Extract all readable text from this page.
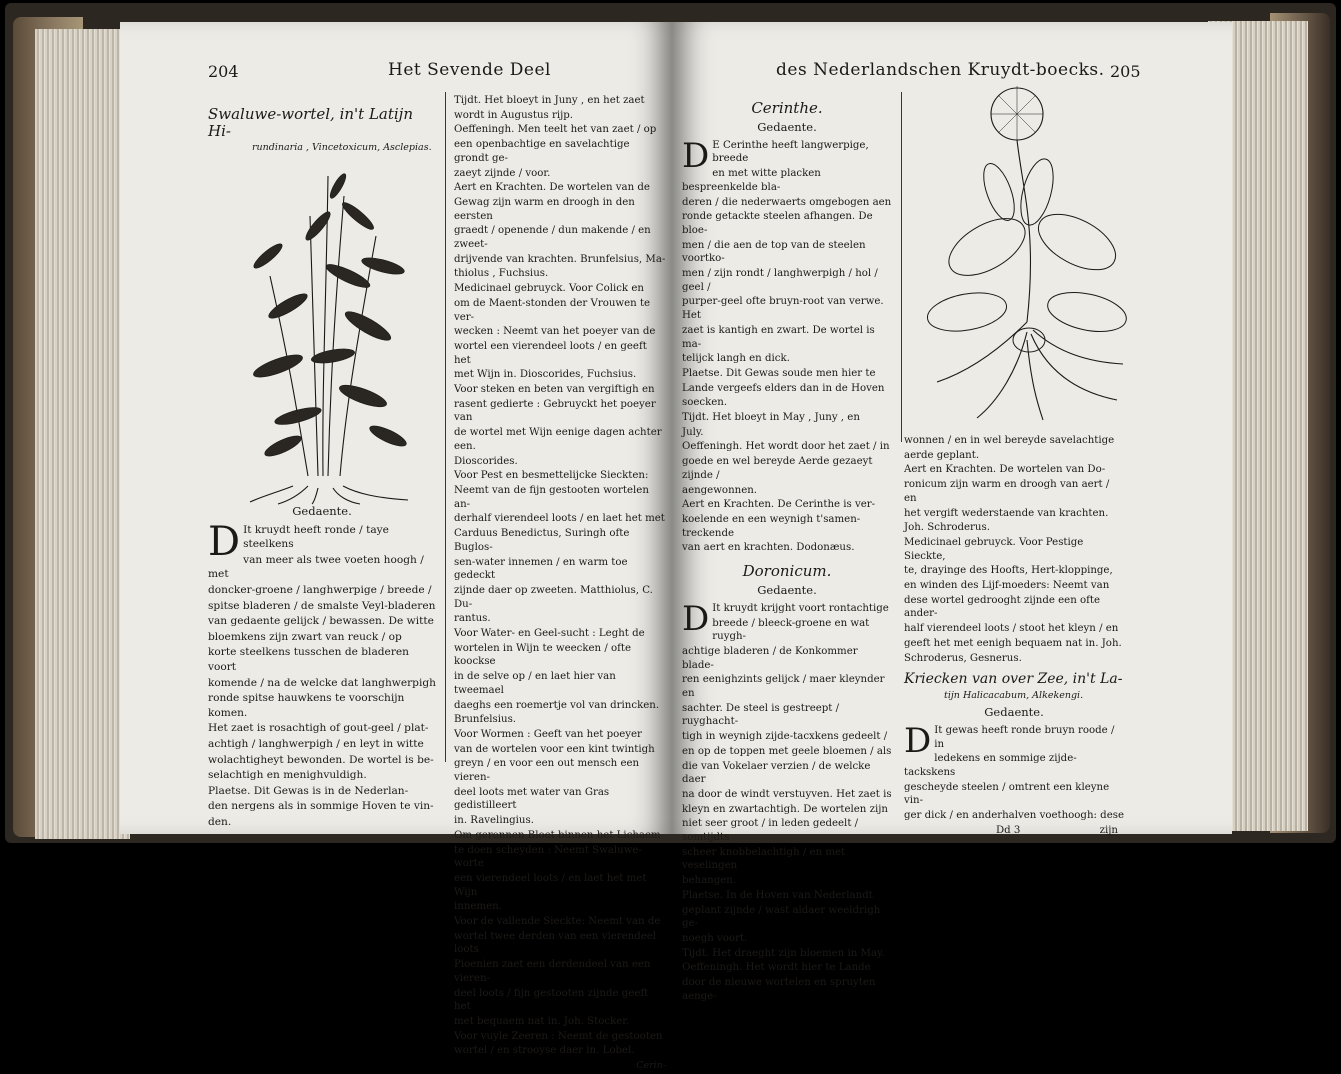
204	Het Sevende Deel
Swaluwe-wortel, in't Latijn Hi-
rundinaria , Vincetoxicum, Asclepias.
Gedaente.
D It kruydt heeft ronde / taye steelkens

van meer als twee voeten hoogh / met

doncker-groene / langhwerpige / breede /

spitse bladeren / de smalste Veyl-bladeren

van gedaente gelijck / bewassen. De witte

bloemkens zijn zwart van reuck / op

korte steelkens tusschen de bladeren voort

komende / na de welcke dat langhwerpigh

ronde spitse hauwkens te voorschijn komen.

Het zaet is rosachtigh of gout-geel / plat-

achtigh / langhwerpigh / en leyt in witte

wolachtigheyt bewonden. De wortel is be-

selachtigh en menighvuldigh.

Plaetse. Dit Gewas is in de Nederlan-

den nergens als in sommige Hoven te vin-

den.

Tijdt. Het bloeyt in Juny , en het zaet

wordt in Augustus rijp.

Oeffeningh. Men teelt het van zaet / op

een openbachtige en savelachtige grondt ge-

zaeyt zijnde / voor.

Aert en Krachten. De wortelen van de

Gewag zijn warm en droogh in den eersten

graedt / openende / dun makende / en zweet-

drijvende van krachten. Brunfelsius, Ma-

thiolus , Fuchsius.

Medicinael gebruyck. Voor Colick en

om de Maent-stonden der Vrouwen te ver-

wecken : Neemt van het poeyer van de

wortel een vierendeel loots / en geeft het

met Wijn in. Dioscorides, Fuchsius.

Voor steken en beten van vergiftigh en

rasent gedierte : Gebruyckt het poeyer van

de wortel met Wijn eenige dagen achter een.

Dioscorides.

Voor Pest en besmettelijcke Sieckten:

Neemt van de fijn gestooten wortelen an-

derhalf vierendeel loots / en laet het met

Carduus Benedictus, Suringh ofte Buglos-

sen-water innemen / en warm toe gedeckt

zijnde daer op zweeten. Matthiolus, C. Du-

rantus.

Voor Water- en Geel-sucht : Leght de

wortelen in Wijn te weecken / ofte koockse

in de selve op / en laet hier van tweemael

daeghs een roemertje vol van drincken.

Brunfelsius.

Voor Wormen : Geeft van het poeyer

van de wortelen voor een kint twintigh

greyn / en voor een out mensch een vieren-

deel loots met water van Gras gedistilleert

in. Ravelingius.

Om geronnen Bloet binnen het Lichaem

te doen scheyden : Neemt Swaluwe-worte

een vierendeel loots / en laet het met Wijn

innemen.

Voor de vallende Sieckte: Neemt van de

wortel twee derden van een vierendeel loots

Pioenien zaet een derdendeel van een vieren-

deel loots / fijn gestooten zijnde geeft het

met bequaem nat in. Joh. Stocker.

Voor vuyle Zeeren : Neemt de gestooten

wortel / en strooyse daer in. Lobel.

Cerin-

des Nederlandschen Kruydt-boecks. 205
Cerinthe.
Gedaente.
D E Cerinthe heeft langwerpige, breede

en met witte placken bespreenkelde bla-

deren / die nederwaerts omgebogen aen

ronde getackte steelen afhangen. De bloe-

men / die aen de top van de steelen voortko-

men / zijn rondt / langhwerpigh / hol / geel /

purper-geel ofte bruyn-root van verwe. Het

zaet is kantigh en zwart. De wortel is ma-

telijck langh en dick.

Plaetse. Dit Gewas soude men hier te

Lande vergeefs elders dan in de Hoven

soecken.

Tijdt. Het bloeyt in May , Juny , en

July.

Oeffeningh. Het wordt door het zaet / in

goede en wel bereyde Aerde gezaeyt zijnde /

aengewonnen.

Aert en Krachten. De Cerinthe is ver-

koelende en een weynigh t'samen-treckende

van aert en krachten. Dodonæus.

Doronicum.
Gedaente.
D It kruydt krijght voort rontachtige

breede / bleeck-groene en wat ruygh-

achtige bladeren / de Konkommer blade-

ren eenighzints gelijck / maer kleynder en

sachter. De steel is gestreept / ruyghacht-

tigh in weynigh zijde-tacxkens gedeelt /

en op de toppen met geele bloemen / als

die van Vokelaer verzien / de welcke daer

na door de windt verstuyven. Het zaet is

kleyn en zwartachtigh. De wortelen zijn

niet seer groot / in leden gedeelt / somtijdts

scheer knobbelachtigh / en met veselingen

behangen.

Plaetse. In de Hoven van Nederlandt

geplant zijnde / wast aldaer weeldrigh ge-

noegh voort.

Tijdt. Het draeght zijn bloemen in May.

Oeffeningh. Het wordt hier te Lande

door de nieuwe wortelen en spruyten aenge-

wonnen / en in wel bereyde savelachtige

aerde geplant.

Aert en Krachten. De wortelen van Do-

ronicum zijn warm en droogh van aert / en

het vergift wederstaende van krachten.

Joh. Schroderus.

Medicinael gebruyck. Voor Pestige Sieckte,

te, drayinge des Hoofts, Hert-kloppinge,

en winden des Lijf-moeders: Neemt van

dese wortel gedrooght zijnde een ofte ander-

half vierendeel loots / stoot het kleyn / en

geeft het met eenigh bequaem nat in. Joh.

Schroderus, Gesnerus.

Kriecken van over Zee, in't La-
tijn Halicacabum, Alkekengi.
Gedaente.
D It gewas heeft ronde bruyn roode / in

ledekens en sommige zijde-tackskens

gescheyde steelen / omtrent een kleyne vin-

ger dick / en anderhalven voethoogh: dese

Dd 3	zijn
